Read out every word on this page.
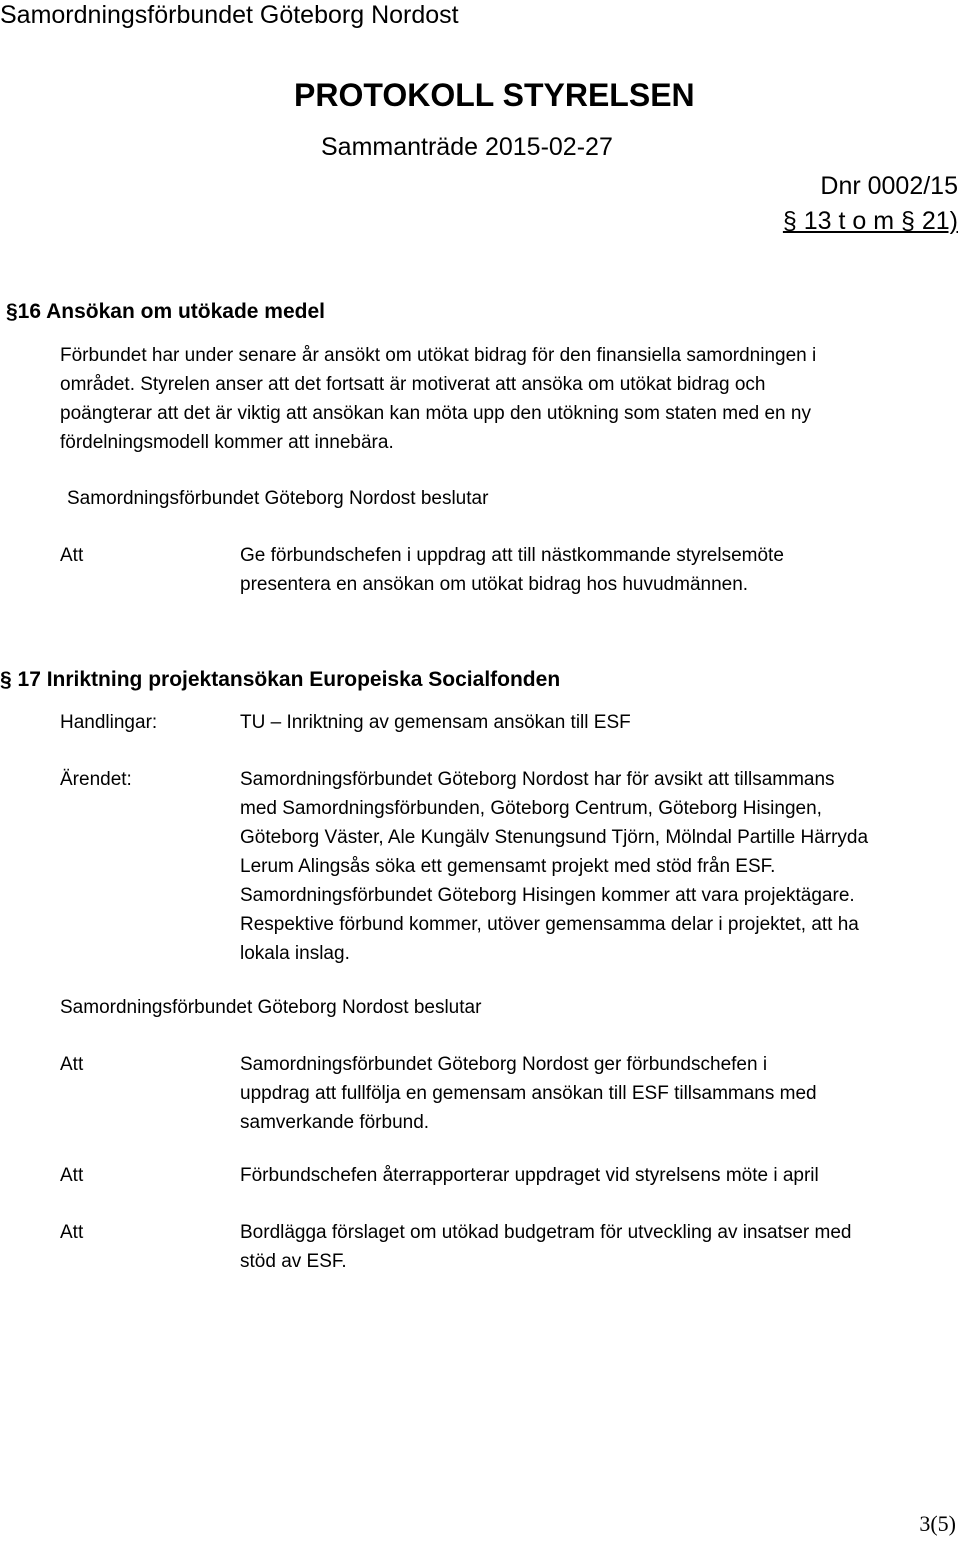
Samordningsförbundet Göteborg Nordost
PROTOKOLL STYRELSEN
Sammanträde 2015-02-27
Dnr 0002/15
§ 13 t o m § 21)
§16 Ansökan om utökade medel
Förbundet har under senare år ansökt om utökat bidrag för den finansiella samordningen i
området. Styrelen anser att det fortsatt är motiverat att ansöka om utökat bidrag och
poängterar att det är viktig att ansökan kan möta upp den utökning som staten med en ny
fördelningsmodell kommer att innebära.
Samordningsförbundet Göteborg Nordost beslutar
Att	Ge förbundschefen i uppdrag att till nästkommande styrelsemöte
presentera en ansökan om utökat bidrag hos huvudmännen.
§ 17 Inriktning projektansökan Europeiska Socialfonden
Handlingar:	TU – Inriktning av gemensam ansökan till ESF
Ärendet:	Samordningsförbundet Göteborg Nordost har för avsikt att tillsammans
med Samordningsförbunden, Göteborg Centrum, Göteborg Hisingen,
Göteborg Väster, Ale Kungälv Stenungsund Tjörn, Mölndal Partille Härryda
Lerum Alingsås söka ett gemensamt projekt med stöd från ESF.
Samordningsförbundet Göteborg Hisingen kommer att vara projektägare.
Respektive förbund kommer, utöver gemensamma delar i projektet, att ha
lokala inslag.
Samordningsförbundet Göteborg Nordost beslutar
Att	Samordningsförbundet Göteborg Nordost ger förbundschefen i
uppdrag att fullfölja en gemensam ansökan till ESF tillsammans med
samverkande förbund.
Att	Förbundschefen återrapporterar uppdraget vid styrelsens möte i april
Att	Bordlägga förslaget om utökad budgetram för utveckling av insatser med
stöd av ESF.
3(5)
